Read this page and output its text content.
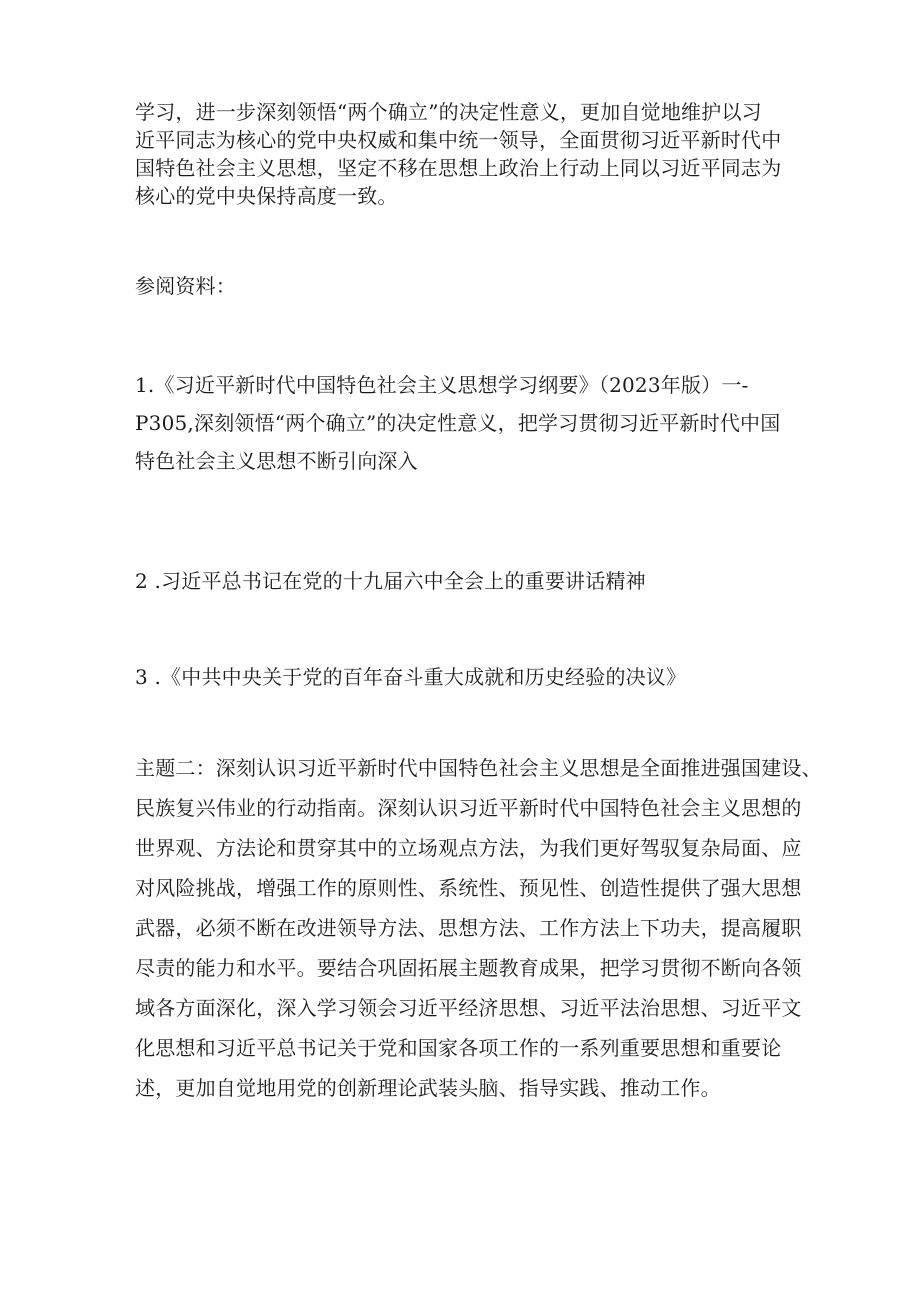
学习，进一步深刻领悟“两个确立”的决定性意义，更加自觉地维护以习
近平同志为核心的党中央权威和集中统一领导，全面贯彻习近平新时代中
国特色社会主义思想，坚定不移在思想上政治上行动上同以习近平同志为
核心的党中央保持高度一致。

参阅资料：

1.《习近平新时代中国特色社会主义思想学习纲要》（2023年版）一-
P305,深刻领悟“两个确立”的决定性意义，把学习贯彻习近平新时代中国
特色社会主义思想不断引向深入

2 .习近平总书记在党的十九届六中全会上的重要讲话精神

3 .《中共中央关于党的百年奋斗重大成就和历史经验的决议》

主题二：深刻认识习近平新时代中国特色社会主义思想是全面推进强国建设、
民族复兴伟业的行动指南。深刻认识习近平新时代中国特色社会主义思想的
世界观、方法论和贯穿其中的立场观点方法，为我们更好驾驭复杂局面、应
对风险挑战，增强工作的原则性、系统性、预见性、创造性提供了强大思想
武器，必须不断在改进领导方法、思想方法、工作方法上下功夫，提高履职
尽责的能力和水平。要结合巩固拓展主题教育成果，把学习贯彻不断向各领
域各方面深化，深入学习领会习近平经济思想、习近平法治思想、习近平文
化思想和习近平总书记关于党和国家各项工作的一系列重要思想和重要论
述，更加自觉地用党的创新理论武装头脑、指导实践、推动工作。
